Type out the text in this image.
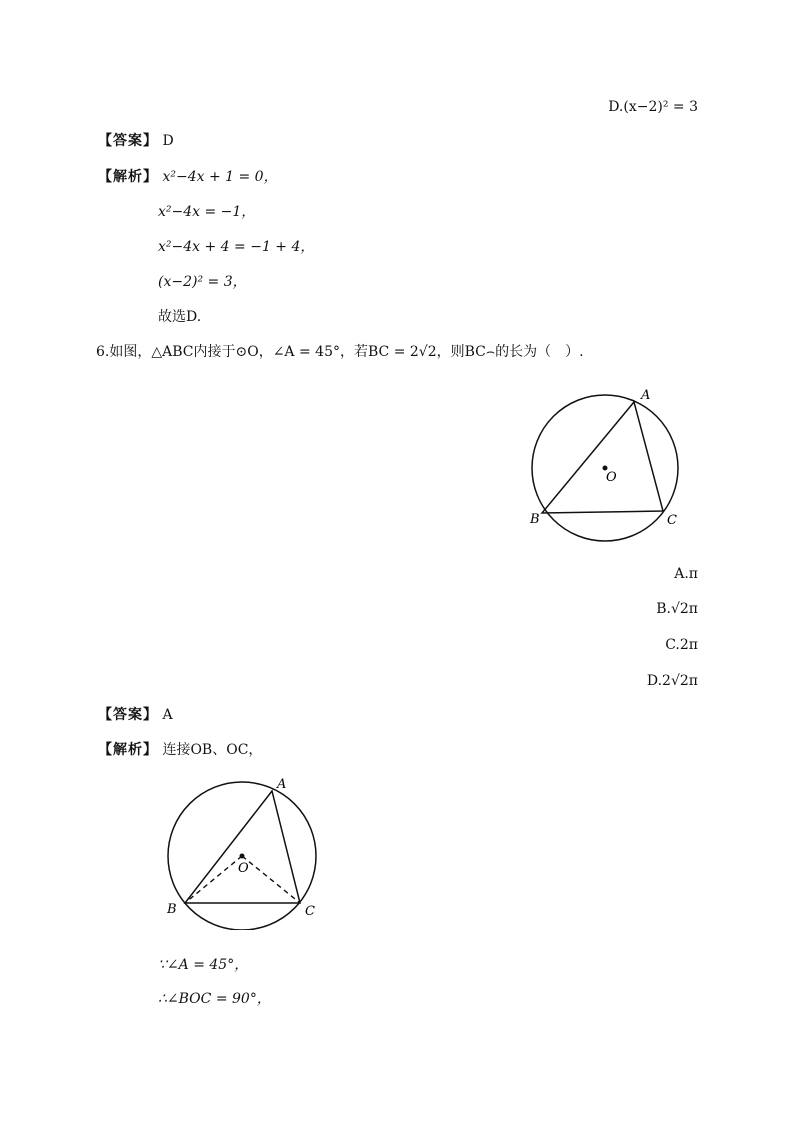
D.(x−2)² = 3
【答案】 D
【解析】 x²−4x + 1 = 0，
x²−4x = −1，
x²−4x + 4 = −1 + 4，
(x−2)² = 3，
故选D.
6.如图，△ABC内接于⊙O，∠A = 45°，若BC = 2√2，则BC⌢的长为（　）.
A
B	C
O
A.π
B.√2π
C.2π
D.2√2π
【答案】 A
【解析】 连接OB、OC，
A
B	C
O
∵∠A = 45°，
∴∠BOC = 90°，
